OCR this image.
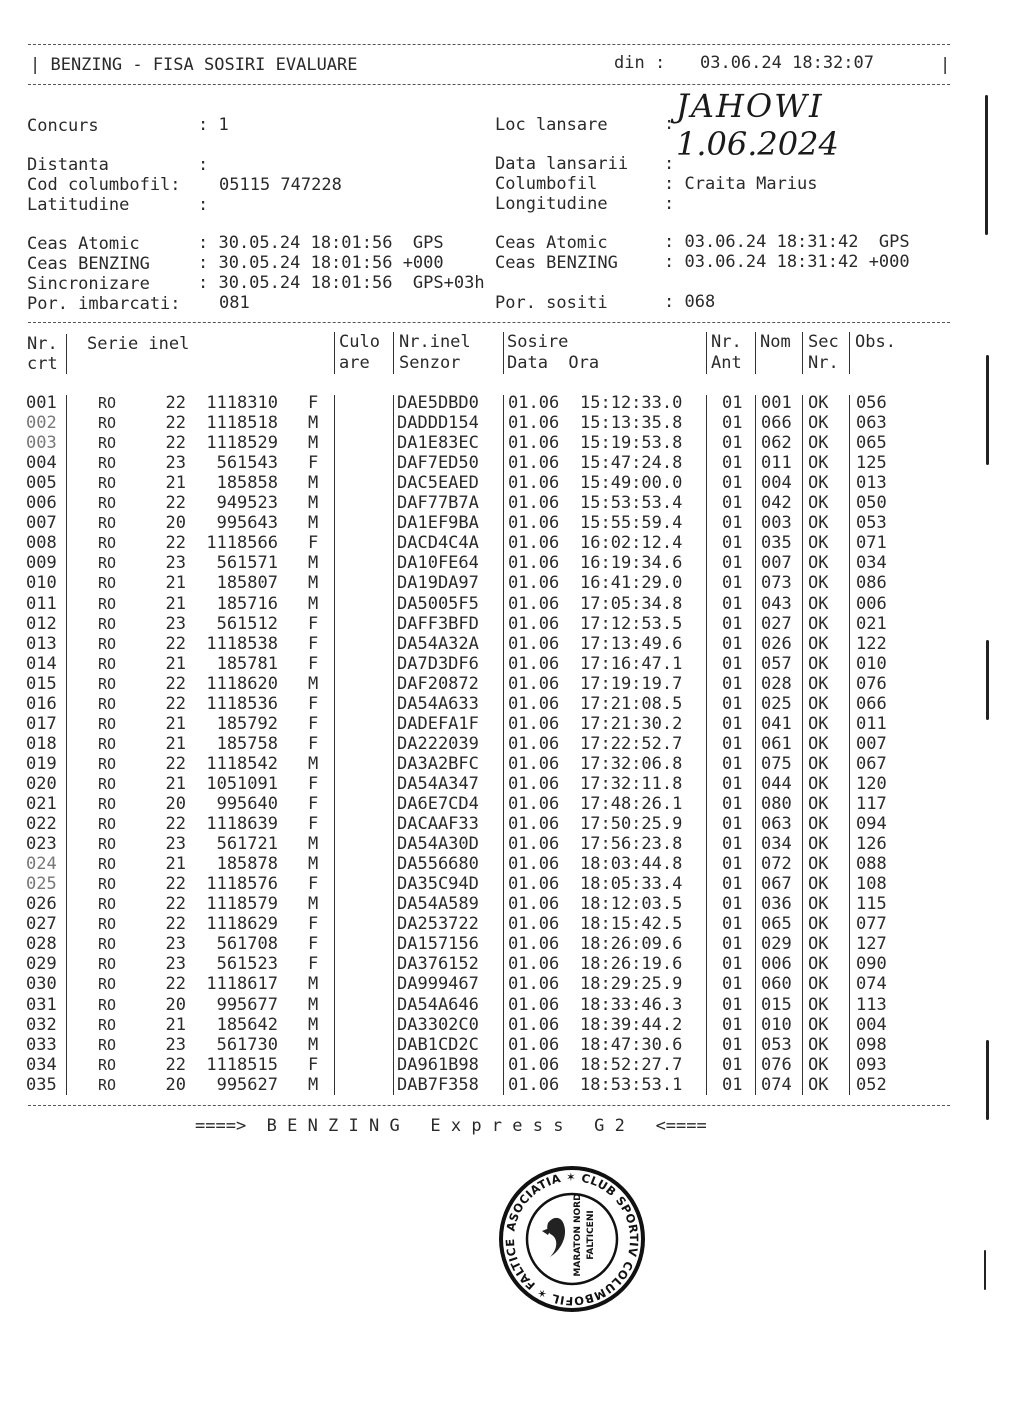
| BENZING - FISA SOSIRI EVALUARE	din : 03.06.24 18:32:07	|
Concurs	: 1	Loc lansare	: JAHOWI
Distanta	:	Data lansarii :
1.06.2024
Cod columbofil: 05115 747228	Columbofil	: Craita Marius
Latitudine	:	Longitudine	:
Ceas Atomic	: 30.05.24 18:01:56  GPS
Ceas BENZING	: 30.05.24 18:01:56 +000
Sincronizare	: 30.05.24 18:01:56  GPS+03h
Por. imbarcati: 081
Ceas Atomic	: 03.06.24 18:31:42  GPS
Ceas BENZING	: 03.06.24 18:31:42 +000
Por. sositi	: 068
Nr.
crt
Serie inel	Culo
are
Nr.inel
Senzor
Sosire
Data  Ora
Nr.
Ant
Nom Sec
Nr.
Obs.
001	RO	22	1118310 F	DAE5DBD0	01.06	15:12:33.0	01	001 OK	056
002	RO	22	1118518 M	DADDD154	01.06	15:13:35.8	01	066 OK	063
003	RO	22	1118529 M	DA1E83EC	01.06	15:19:53.8	01	062 OK	065
004	RO	23	561543 F	DAF7ED50	01.06	15:47:24.8	01	011 OK	125
005	RO	21	185858 M	DAC5EAED	01.06	15:49:00.0	01	004 OK	013
006	RO	22	949523 M	DAF77B7A	01.06	15:53:53.4	01	042 OK	050
007	RO	20	995643 M	DA1EF9BA	01.06	15:55:59.4	01	003 OK	053
008	RO	22	1118566 F	DACD4C4A	01.06	16:02:12.4	01	035 OK	071
009	RO	23	561571 M	DA10FE64	01.06	16:19:34.6	01	007 OK	034
010	RO	21	185807 M	DA19DA97	01.06	16:41:29.0	01	073 OK	086
011	RO	21	185716 M	DA5005F5	01.06	17:05:34.8	01	043 OK	006
012	RO	23	561512 F	DAFF3BFD	01.06	17:12:53.5	01	027 OK	021
013	RO	22	1118538 F	DA54A32A	01.06	17:13:49.6	01	026 OK	122
014	RO	21	185781 F	DA7D3DF6	01.06	17:16:47.1	01	057 OK	010
015	RO	22	1118620 M	DAF20872	01.06	17:19:19.7	01	028 OK	076
016	RO	22	1118536 F	DA54A633	01.06	17:21:08.5	01	025 OK	066
017	RO	21	185792 F	DADEFA1F	01.06	17:21:30.2	01	041 OK	011
018	RO	21	185758 F	DA222039	01.06	17:22:52.7	01	061 OK	007
019	RO	22	1118542 M	DA3A2BFC	01.06	17:32:06.8	01	075 OK	067
020	RO	21	1051091 F	DA54A347	01.06	17:32:11.8	01	044 OK	120
021	RO	20	995640 F	DA6E7CD4	01.06	17:48:26.1	01	080 OK	117
022	RO	22	1118639 F	DACAAF33	01.06	17:50:25.9	01	063 OK	094
023	RO	23	561721 M	DA54A30D	01.06	17:56:23.8	01	034 OK	126
024	RO	21	185878 M	DA556680	01.06	18:03:44.8	01	072 OK	088
025	RO	22	1118576 F	DA35C94D	01.06	18:05:33.4	01	067 OK	108
026	RO	22	1118579 M	DA54A589	01.06	18:12:03.5	01	036 OK	115
027	RO	22	1118629 F	DA253722	01.06	18:15:42.5	01	065 OK	077
028	RO	23	561708 F	DA157156	01.06	18:26:09.6	01	029 OK	127
029	RO	23	561523 F	DA376152	01.06	18:26:19.6	01	006 OK	090
030	RO	22	1118617 M	DA999467	01.06	18:29:25.9	01	060 OK	074
031	RO	20	995677 M	DA54A646	01.06	18:33:46.3	01	015 OK	113
032	RO	21	185642 M	DA3302C0	01.06	18:39:44.2	01	010 OK	004
033	RO	23	561730 M	DAB1CD2C	01.06	18:47:30.6	01	053 OK	098
034	RO	22	1118515 F	DA961B98	01.06	18:52:27.7	01	076 OK	093
035	RO	20	995627 M	DAB7F358	01.06	18:53:53.1	01	074 OK	052
====>  B E N Z I N G   E x p r e s s   G 2   <====
ASOCIATIA ✶ CLUB SPORTIV COLUMBOFIL ✶ FALTICE	MARATON NORD FALTICENI
